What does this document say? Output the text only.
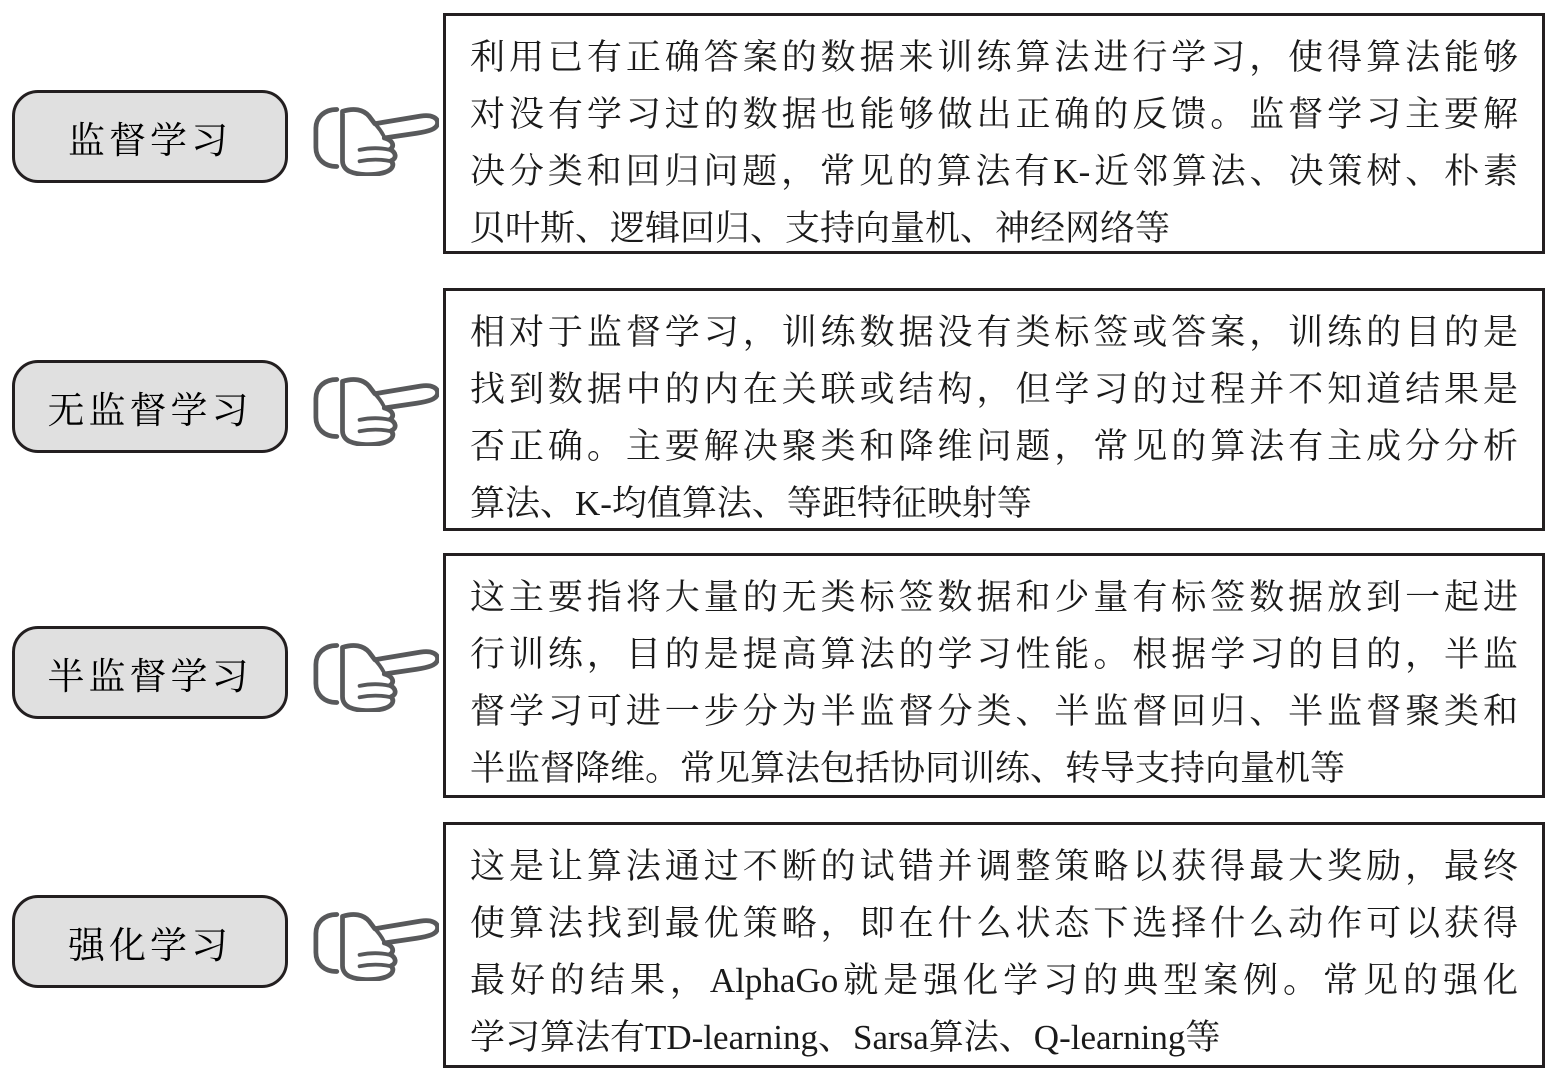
监督学习
利用已有正确答案的数据来训练算法进行学习，使得算法能够
对没有学习过的数据也能够做出正确的反馈。监督学习主要解
决分类和回归问题，常见的算法有K-近邻算法、决策树、朴素
贝叶斯、逻辑回归、支持向量机、神经网络等
无监督学习
相对于监督学习，训练数据没有类标签或答案，训练的目的是
找到数据中的内在关联或结构，但学习的过程并不知道结果是
否正确。主要解决聚类和降维问题，常见的算法有主成分分析
算法、K-均值算法、等距特征映射等
半监督学习
这主要指将大量的无类标签数据和少量有标签数据放到一起进
行训练，目的是提高算法的学习性能。根据学习的目的，半监
督学习可进一步分为半监督分类、半监督回归、半监督聚类和
半监督降维。常见算法包括协同训练、转导支持向量机等
强化学习
这是让算法通过不断的试错并调整策略以获得最大奖励，最终
使算法找到最优策略，即在什么状态下选择什么动作可以获得
最好的结果，AlphaGo就是强化学习的典型案例。常见的强化
学习算法有TD-learning、Sarsa算法、Q-learning等
